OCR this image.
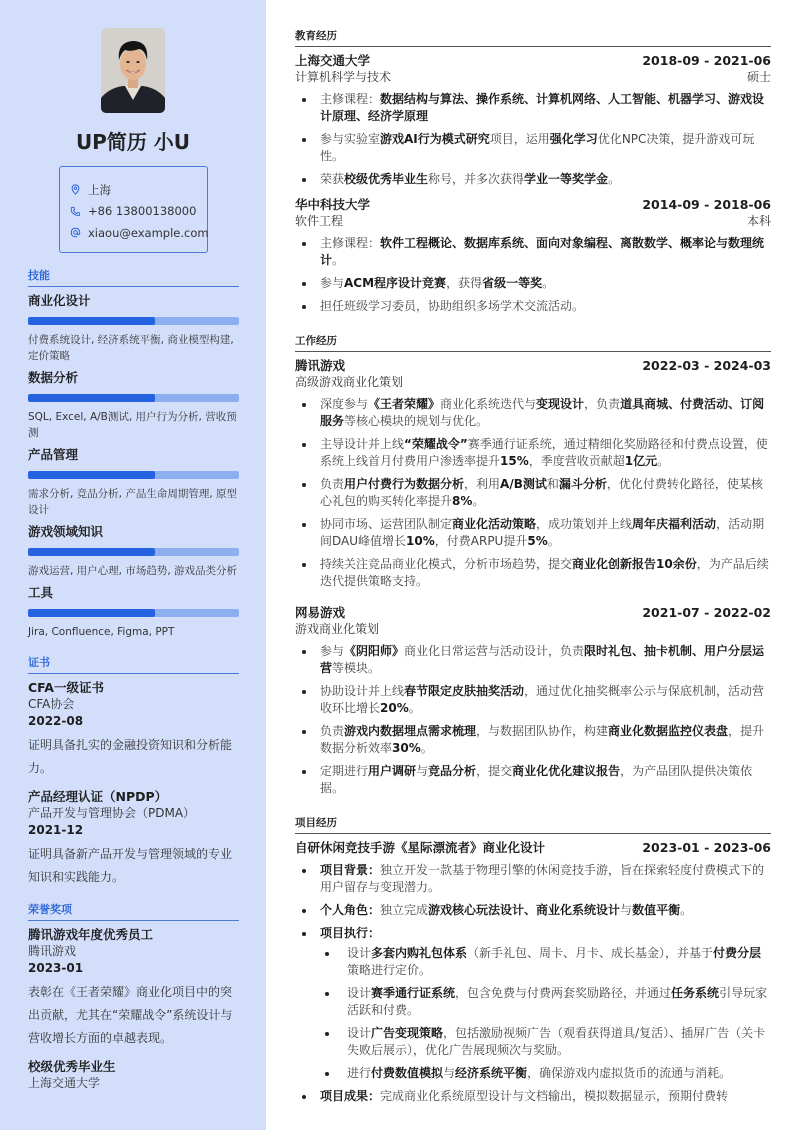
UP简历 小U
上海
+86 13800138000
xiaou@example.com
技能
商业化设计
付费系统设计, 经济系统平衡, 商业模型构建, 定价策略
数据分析
SQL, Excel, A/B测试, 用户行为分析, 营收预测
产品管理
需求分析, 竞品分析, 产品生命周期管理, 原型设计
游戏领域知识
游戏运营, 用户心理, 市场趋势, 游戏品类分析
工具
Jira, Confluence, Figma, PPT
证书
CFA一级证书
CFA协会
2022-08
证明具备扎实的金融投资知识和分析能力。
产品经理认证（NPDP）
产品开发与管理协会（PDMA）
2021-12
证明具备新产品开发与管理领域的专业知识和实践能力。
荣誉奖项
腾讯游戏年度优秀员工
腾讯游戏
2023-01
表彰在《王者荣耀》商业化项目中的突出贡献，尤其在“荣耀战令”系统设计与营收增长方面的卓越表现。
校级优秀毕业生
上海交通大学
教育经历
上海交通大学	2018-09 - 2021-06
计算机科学与技术	硕士
主修课程：数据结构与算法、操作系统、计算机网络、人工智能、机器学习、游戏设计原理、经济学原理
参与实验室游戏AI行为模式研究项目，运用强化学习优化NPC决策，提升游戏可玩性。
荣获校级优秀毕业生称号，并多次获得学业一等奖学金。
华中科技大学	2014-09 - 2018-06
软件工程	本科
主修课程：软件工程概论、数据库系统、面向对象编程、离散数学、概率论与数理统计。
参与ACM程序设计竞赛，获得省级一等奖。
担任班级学习委员，协助组织多场学术交流活动。
工作经历
腾讯游戏	2022-03 - 2024-03
高级游戏商业化策划
深度参与《王者荣耀》商业化系统迭代与变现设计，负责道具商城、付费活动、订阅服务等核心模块的规划与优化。
主导设计并上线“荣耀战令”赛季通行证系统，通过精细化奖励路径和付费点设置，使系统上线首月付费用户渗透率提升15%，季度营收贡献超1亿元。
负责用户付费行为数据分析，利用A/B测试和漏斗分析，优化付费转化路径，使某核心礼包的购买转化率提升8%。
协同市场、运营团队制定商业化活动策略，成功策划并上线周年庆福利活动，活动期间DAU峰值增长10%，付费ARPU提升5%。
持续关注竞品商业化模式，分析市场趋势，提交商业化创新报告10余份，为产品后续迭代提供策略支持。
网易游戏	2021-07 - 2022-02
游戏商业化策划
参与《阴阳师》商业化日常运营与活动设计，负责限时礼包、抽卡机制、用户分层运营等模块。
协助设计并上线春节限定皮肤抽奖活动，通过优化抽奖概率公示与保底机制，活动营收环比增长20%。
负责游戏内数据埋点需求梳理，与数据团队协作，构建商业化数据监控仪表盘，提升数据分析效率30%。
定期进行用户调研与竞品分析，提交商业化优化建议报告，为产品团队提供决策依据。
项目经历
自研休闲竞技手游《星际漂流者》商业化设计	2023-01 - 2023-06
项目背景：独立开发一款基于物理引擎的休闲竞技手游，旨在探索轻度付费模式下的用户留存与变现潜力。
个人角色：独立完成游戏核心玩法设计、商业化系统设计与数值平衡。
项目执行：
设计多套内购礼包体系（新手礼包、周卡、月卡、成长基金），并基于付费分层策略进行定价。
设计赛季通行证系统，包含免费与付费两套奖励路径，并通过任务系统引导玩家活跃和付费。
设计广告变现策略，包括激励视频广告（观看获得道具/复活）、插屏广告（关卡失败后展示），优化广告展现频次与奖励。
进行付费数值模拟与经济系统平衡，确保游戏内虚拟货币的流通与消耗。
项目成果：完成商业化系统原型设计与文档输出，模拟数据显示，预期付费转
